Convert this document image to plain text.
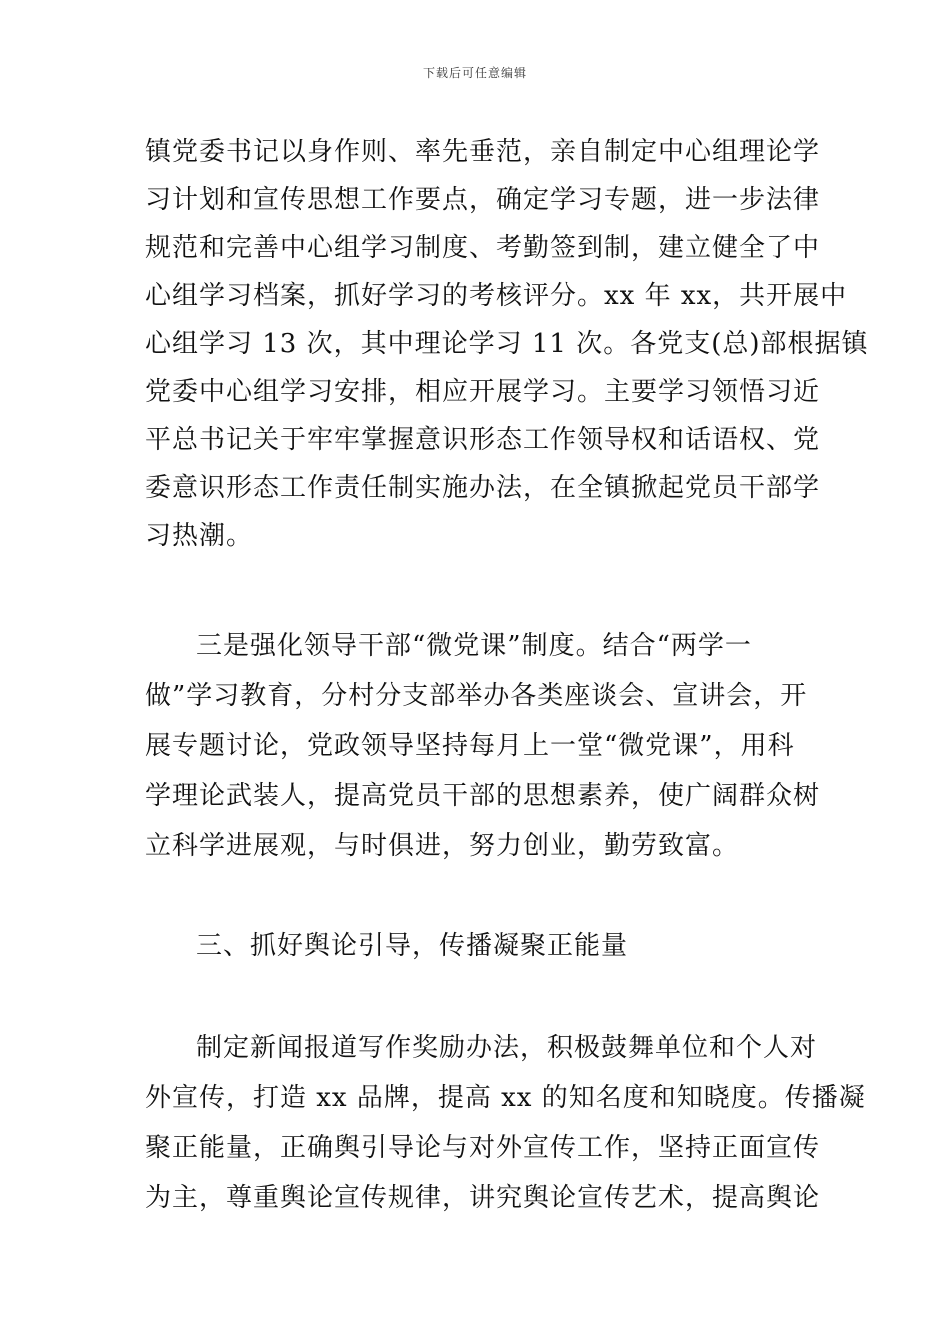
下载后可任意编辑
镇党委书记以身作则、率先垂范，亲自制定中心组理论学
习计划和宣传思想工作要点，确定学习专题，进一步法律
规范和完善中心组学习制度、考勤签到制，建立健全了中
心组学习档案，抓好学习的考核评分。xx 年 xx，共开展中
心组学习 13 次，其中理论学习 11 次。各党支(总)部根据镇
党委中心组学习安排，相应开展学习。主要学习领悟习近
平总书记关于牢牢掌握意识形态工作领导权和话语权、党
委意识形态工作责任制实施办法，在全镇掀起党员干部学
习热潮。
三是强化领导干部“微党课”制度。结合“两学一
做”学习教育，分村分支部举办各类座谈会、宣讲会，开
展专题讨论，党政领导坚持每月上一堂“微党课”，用科
学理论武装人，提高党员干部的思想素养，使广阔群众树
立科学进展观，与时俱进，努力创业，勤劳致富。
三、抓好舆论引导，传播凝聚正能量
制定新闻报道写作奖励办法，积极鼓舞单位和个人对
外宣传，打造 xx 品牌，提高 xx 的知名度和知晓度。传播凝
聚正能量，正确舆引导论与对外宣传工作，坚持正面宣传
为主，尊重舆论宣传规律，讲究舆论宣传艺术，提高舆论
